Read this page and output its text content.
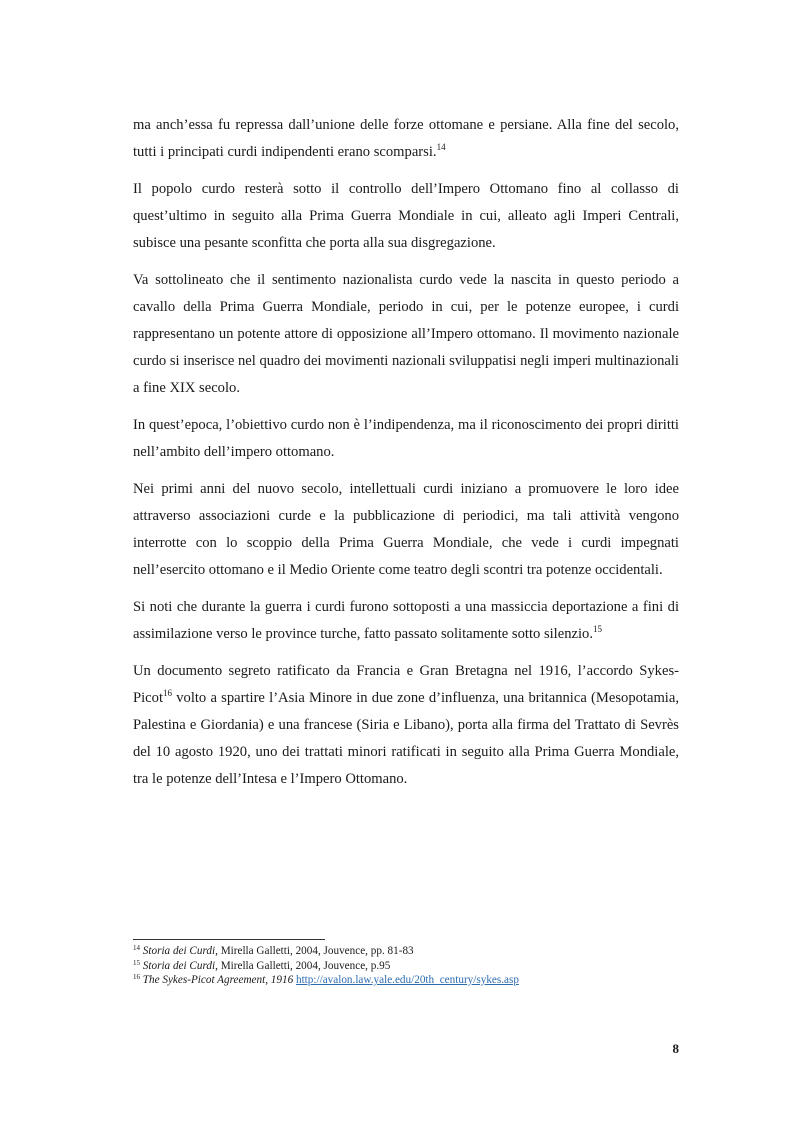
ma anch’essa fu repressa dall’unione delle forze ottomane e persiane. Alla fine del secolo, tutti i principati curdi indipendenti erano scomparsi.$^{14}$

Il popolo curdo resterà sotto il controllo dell’Impero Ottomano fino al collasso di quest’ultimo in seguito alla Prima Guerra Mondiale in cui, alleato agli Imperi Centrali, subisce una pesante sconfitta che porta alla sua disgregazione.

Va sottolineato che il sentimento nazionalista curdo vede la nascita in questo periodo a cavallo della Prima Guerra Mondiale, periodo in cui, per le potenze europee, i curdi rappresentano un potente attore di opposizione all’Impero ottomano. Il movimento nazionale curdo si inserisce nel quadro dei movimenti nazionali sviluppatisi negli imperi multinazionali a fine XIX secolo.

In quest’epoca, l’obiettivo curdo non è l’indipendenza, ma il riconoscimento dei propri diritti nell’ambito dell’impero ottomano.

Nei primi anni del nuovo secolo, intellettuali curdi iniziano a promuovere le loro idee attraverso associazioni curde e la pubblicazione di periodici, ma tali attività vengono interrotte con lo scoppio della Prima Guerra Mondiale, che vede i curdi impegnati nell’esercito ottomano e il Medio Oriente come teatro degli scontri tra potenze occidentali.

Si noti che durante la guerra i curdi furono sottoposti a una massiccia deportazione a fini di assimilazione verso le province turche, fatto passato solitamente sotto silenzio.$^{15}$

Un documento segreto ratificato da Francia e Gran Bretagna nel 1916, l’accordo Sykes-Picot$^{16}$ volto a spartire l’Asia Minore in due zone d’influenza, una britannica (Mesopotamia, Palestina e Giordania) e una francese (Siria e Libano), porta alla firma del Trattato di Sevrès del 10 agosto 1920, uno dei trattati minori ratificati in seguito alla Prima Guerra Mondiale, tra le potenze dell’Intesa e l’Impero Ottomano.

$^{14}$ Storia dei Curdi, Mirella Galletti, 2004, Jouvence, pp. 81-83

$^{15}$ Storia dei Curdi, Mirella Galletti, 2004, Jouvence, p.95

$^{16}$ The Sykes-Picot Agreement, 1916 http://avalon.law.yale.edu/20th_century/sykes.asp

8
